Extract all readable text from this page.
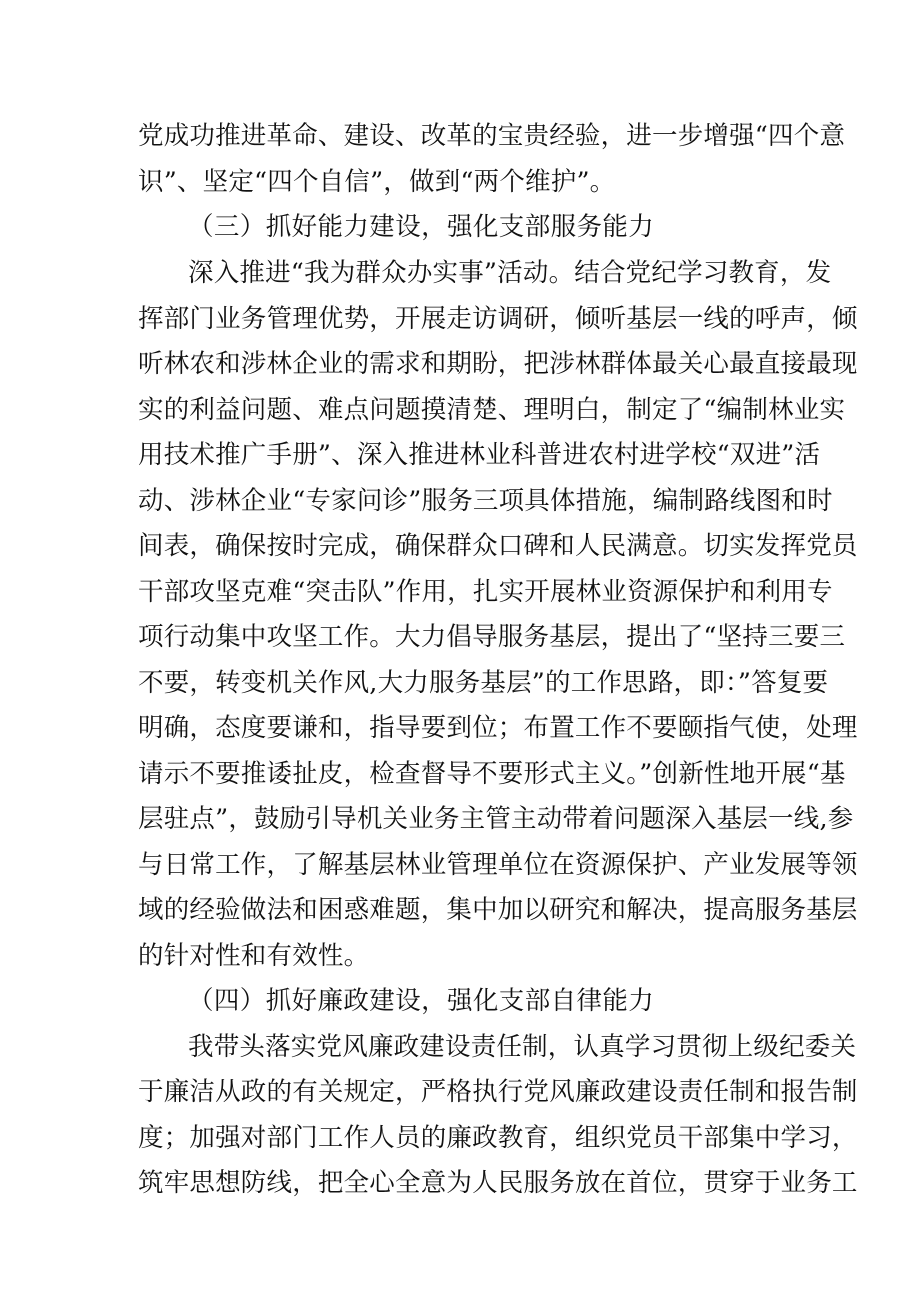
党成功推进革命、建设、改革的宝贵经验，进一步增强“四个意
识”、坚定“四个自信”，做到“两个维护”。
（三）抓好能力建设，强化支部服务能力
深入推进“我为群众办实事”活动。结合党纪学习教育，发
挥部门业务管理优势，开展走访调研，倾听基层一线的呼声，倾
听林农和涉林企业的需求和期盼，把涉林群体最关心最直接最现
实的利益问题、难点问题摸清楚、理明白，制定了“编制林业实
用技术推广手册”、深入推进林业科普进农村进学校“双进”活
动、涉林企业“专家问诊”服务三项具体措施，编制路线图和时
间表，确保按时完成，确保群众口碑和人民满意。切实发挥党员
干部攻坚克难“突击队”作用，扎实开展林业资源保护和利用专
项行动集中攻坚工作。大力倡导服务基层，提出了“坚持三要三
不要，转变机关作风,大力服务基层”的工作思路，即：”答复要
明确，态度要谦和，指导要到位；布置工作不要颐指气使，处理
请示不要推诿扯皮，检查督导不要形式主义。”创新性地开展“基
层驻点”，鼓励引导机关业务主管主动带着问题深入基层一线,参
与日常工作，了解基层林业管理单位在资源保护、产业发展等领
域的经验做法和困惑难题，集中加以研究和解决，提高服务基层
的针对性和有效性。
（四）抓好廉政建设，强化支部自律能力
我带头落实党风廉政建设责任制，认真学习贯彻上级纪委关
于廉洁从政的有关规定，严格执行党风廉政建设责任制和报告制
度；加强对部门工作人员的廉政教育，组织党员干部集中学习，
筑牢思想防线，把全心全意为人民服务放在首位，贯穿于业务工
